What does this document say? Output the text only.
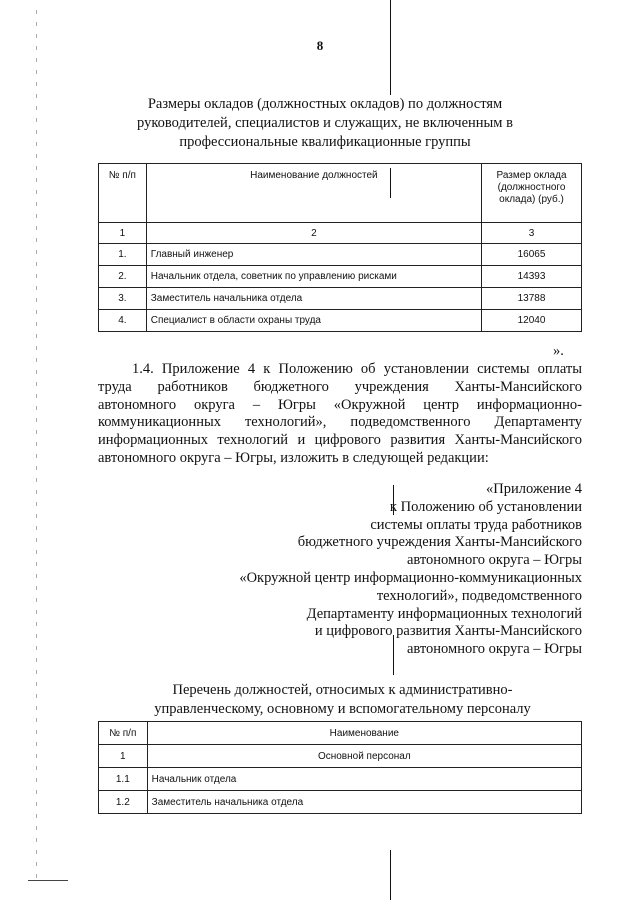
8
Размеры окладов (должностных окладов) по должностям руководителей, специалистов и служащих, не включенным в профессиональные квалификационные группы
№ п/п	Наименование должностей	Размер оклада (должностного оклада) (руб.)
1	2	3
1.	Главный инженер	16065
2.	Начальник отдела, советник по управлению рисками	14393
3.	Заместитель начальника отдела	13788
4.	Специалист в области охраны труда	12040
».
1.4. Приложение 4 к Положению об установлении системы оплаты
труда работников бюджетного учреждения Ханты-Мансийского
автономного округа – Югры «Окружной центр информационно-
коммуникационных технологий», подведомственного Департаменту
информационных технологий и цифрового развития Ханты-Мансийского
автономного округа – Югры, изложить в следующей редакции:
«Приложение 4
к Положению об установлении
системы оплаты труда работников
бюджетного учреждения Ханты-Мансийского
автономного округа – Югры
«Окружной центр информационно-коммуникационных
технологий», подведомственного
Департаменту информационных технологий
и цифрового развития Ханты-Мансийского
автономного округа – Югры
Перечень должностей, относимых к административно-управленческому, основному и вспомогательному персоналу
№ п/п	Наименование
1	Основной персонал
1.1	Начальник отдела
1.2	Заместитель начальника отдела
